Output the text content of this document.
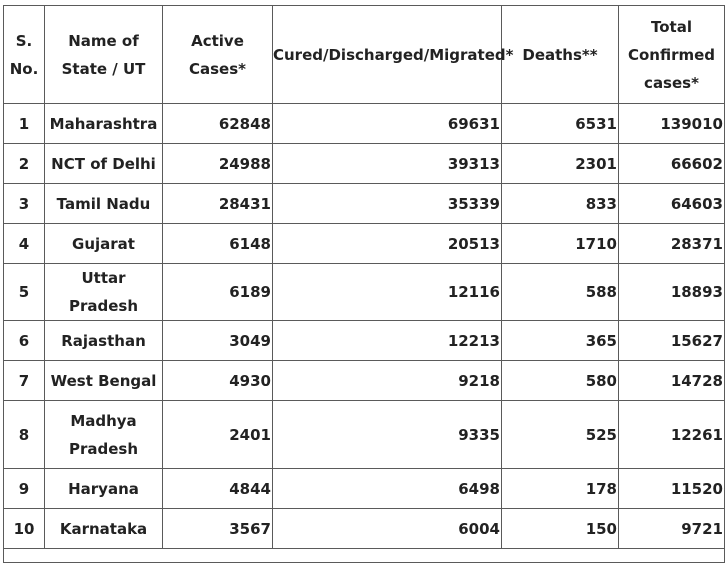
S. No.	Name of State / UT	Active Cases*	Cured/Discharged/Migrated*	Deaths**	Total Confirmed cases*
1	Maharashtra	62848	69631	6531	139010
2	NCT of Delhi	24988	39313	2301	66602
3	Tamil Nadu	28431	35339	833	64603
4	Gujarat	6148	20513	1710	28371
5	Uttar Pradesh	6189	12116	588	18893
6	Rajasthan	3049	12213	365	15627
7	West Bengal	4930	9218	580	14728
8	Madhya Pradesh	2401	9335	525	12261
9	Haryana	4844	6498	178	11520
10	Karnataka	3567	6004	150	9721
